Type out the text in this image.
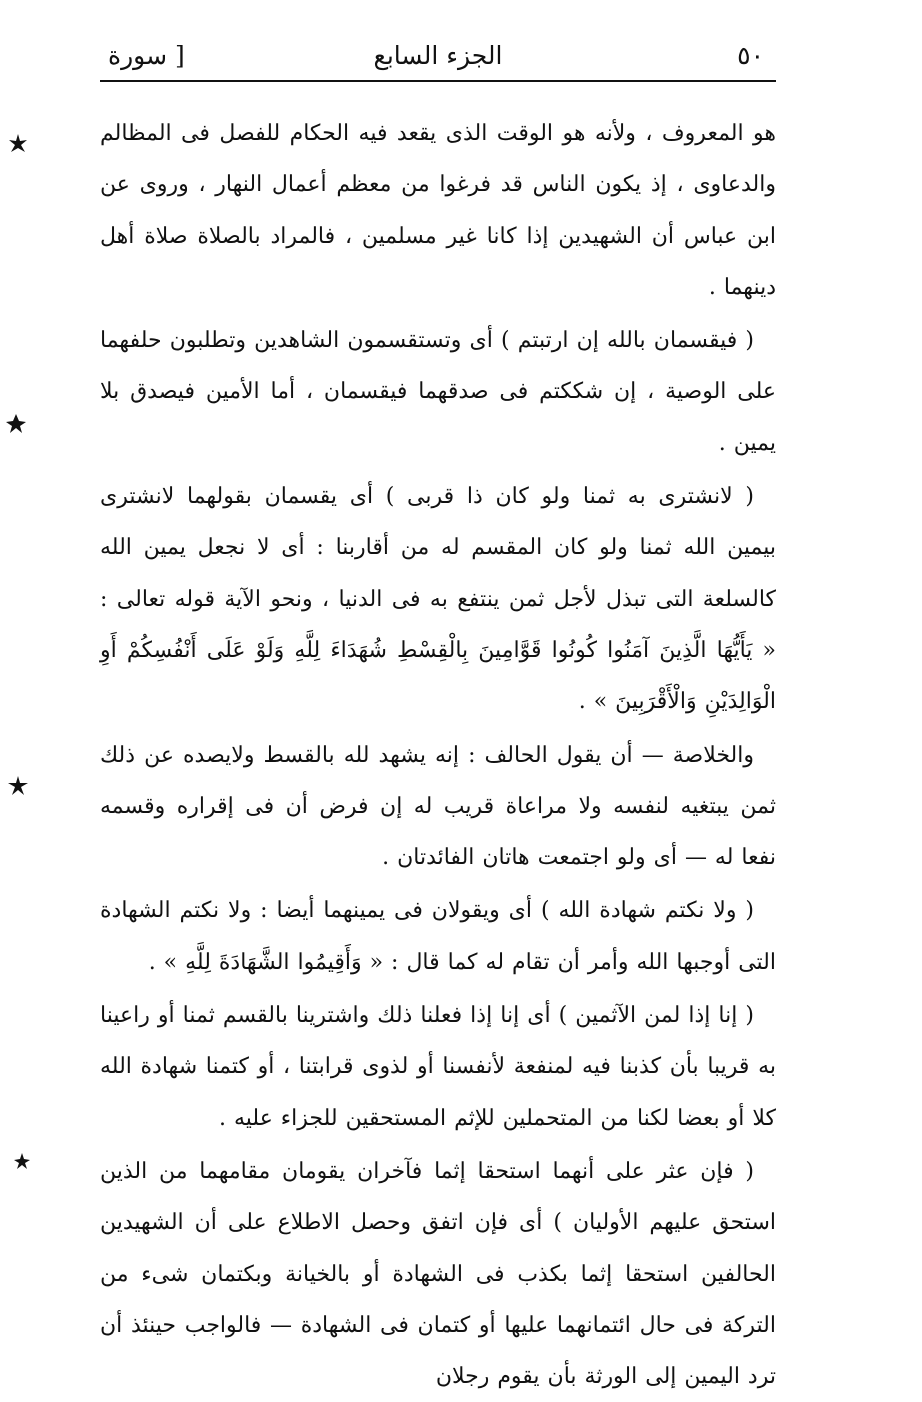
٥٠
الجزء السابع
[ سورة

هو المعروف ، ولأنه هو الوقت الذى يقعد فيه الحكام للفصل فى المظالم والدعاوى ، إذ يكون الناس قد فرغوا من معظم أعمال النهار ، وروى عن ابن عباس أن الشهيدين إذا كانا غير مسلمين ، فالمراد بالصلاة صلاة أهل دينهما .

( فيقسمان بالله إن ارتبتم ) أى وتستقسمون الشاهدين وتطلبون حلفهما على الوصية ، إن شككتم فى صدقهما فيقسمان ، أما الأمين فيصدق بلا يمين .

( لانشترى به ثمنا ولو كان ذا قربى ) أى يقسمان بقولهما لانشترى بيمين الله ثمنا ولو كان المقسم له من أقاربنا : أى لا نجعل يمين الله كالسلعة التى تبذل لأجل ثمن ينتفع به فى الدنيا ، ونحو الآية قوله تعالى : « يَأَيُّهَا الَّذِينَ آمَنُوا كُونُوا قَوَّامِينَ بِالْقِسْطِ شُهَدَاءَ لِلَّهِ وَلَوْ عَلَى أَنْفُسِكُمْ أَوِ الْوَالِدَيْنِ وَالْأَقْرَبِينَ » .

والخلاصة — أن يقول الحالف : إنه يشهد لله بالقسط ولايصده عن ذلك ثمن يبتغيه لنفسه ولا مراعاة قريب له إن فرض أن فى إقراره وقسمه نفعا له — أى ولو اجتمعت هاتان الفائدتان .

( ولا نكتم شهادة الله ) أى ويقولان فى يمينهما أيضا : ولا نكتم الشهادة التى أوجبها الله وأمر أن تقام له كما قال : « وَأَقِيمُوا الشَّهَادَةَ لِلَّهِ » .

( إنا إذا لمن الآثمين ) أى إنا إذا فعلنا ذلك واشترينا بالقسم ثمنا أو راعينا به قريبا بأن كذبنا فيه لمنفعة لأنفسنا أو لذوى قرابتنا ، أو كتمنا شهادة الله كلا أو بعضا لكنا من المتحملين للإثم المستحقين للجزاء عليه .

( فإن عثر على أنهما استحقا إثما فآخران يقومان مقامهما من الذين استحق عليهم الأوليان ) أى فإن اتفق وحصل الاطلاع على أن الشهيدين الحالفين استحقا إثما بكذب فى الشهادة أو بالخيانة وبكتمان شىء من التركة فى حال ائتمانهما عليها أو كتمان فى الشهادة — فالواجب حينئذ أن ترد اليمين إلى الورثة بأن يقوم رجلان
